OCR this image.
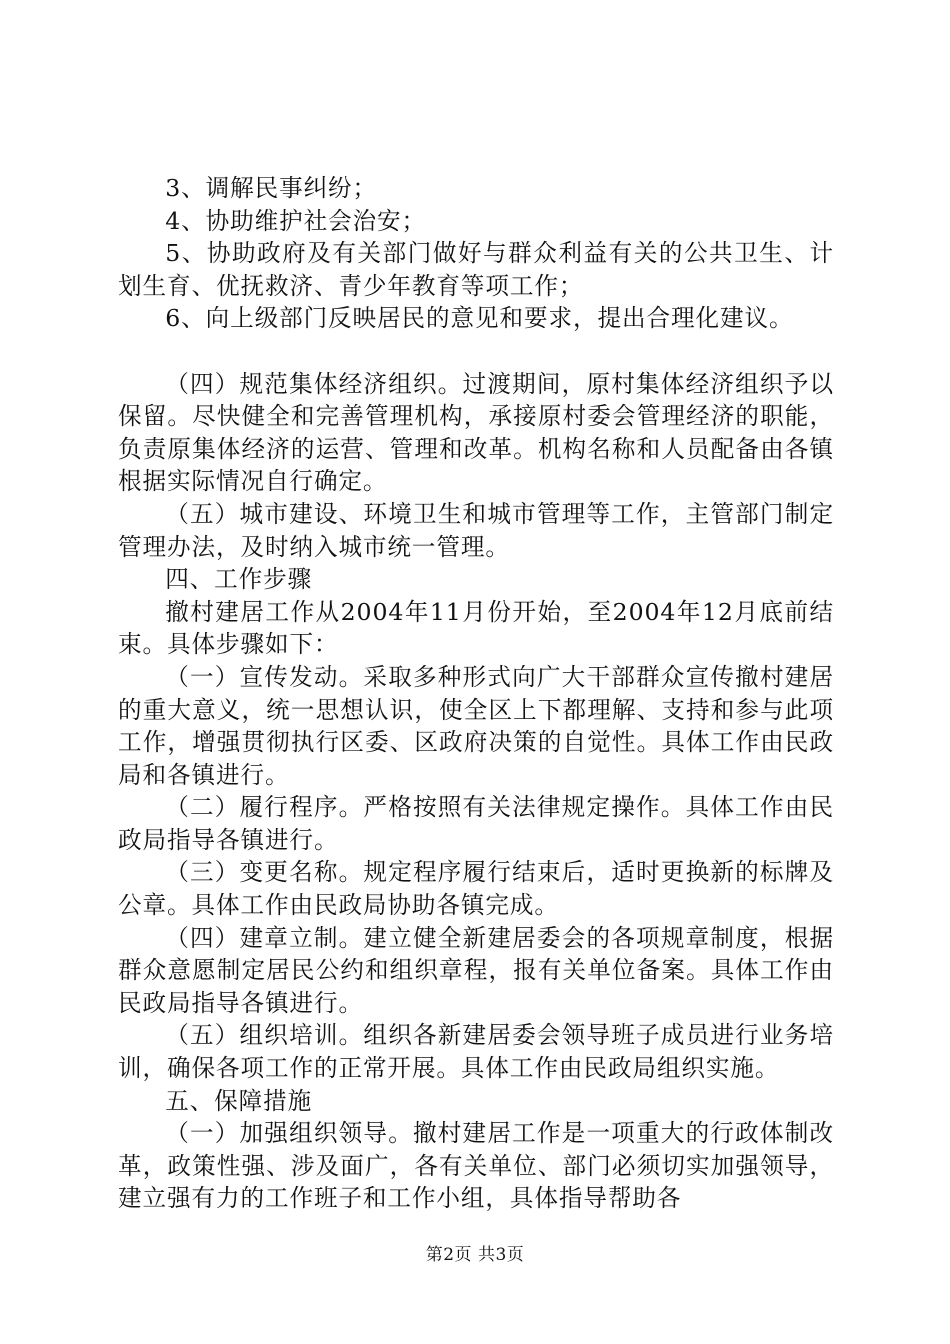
3、调解民事纠纷；

4、协助维护社会治安；

5、协助政府及有关部门做好与群众利益有关的公共卫生、计划生育、优抚救济、青少年教育等项工作；

6、向上级部门反映居民的意见和要求，提出合理化建议。

（四）规范集体经济组织。过渡期间，原村集体经济组织予以保留。尽快健全和完善管理机构，承接原村委会管理经济的职能，负责原集体经济的运营、管理和改革。机构名称和人员配备由各镇根据实际情况自行确定。

（五）城市建设、环境卫生和城市管理等工作，主管部门制定管理办法，及时纳入城市统一管理。

四、工作步骤

撤村建居工作从2004年11月份开始，至2004年12月底前结束。具体步骤如下：

（一）宣传发动。采取多种形式向广大干部群众宣传撤村建居的重大意义，统一思想认识，使全区上下都理解、支持和参与此项工作，增强贯彻执行区委、区政府决策的自觉性。具体工作由民政局和各镇进行。

（二）履行程序。严格按照有关法律规定操作。具体工作由民政局指导各镇进行。

（三）变更名称。规定程序履行结束后，适时更换新的标牌及公章。具体工作由民政局协助各镇完成。

（四）建章立制。建立健全新建居委会的各项规章制度，根据群众意愿制定居民公约和组织章程，报有关单位备案。具体工作由民政局指导各镇进行。

（五）组织培训。组织各新建居委会领导班子成员进行业务培训，确保各项工作的正常开展。具体工作由民政局组织实施。

五、保障措施

（一）加强组织领导。撤村建居工作是一项重大的行政体制改革，政策性强、涉及面广，各有关单位、部门必须切实加强领导，建立强有力的工作班子和工作小组，具体指导帮助各

第2页 共3页
